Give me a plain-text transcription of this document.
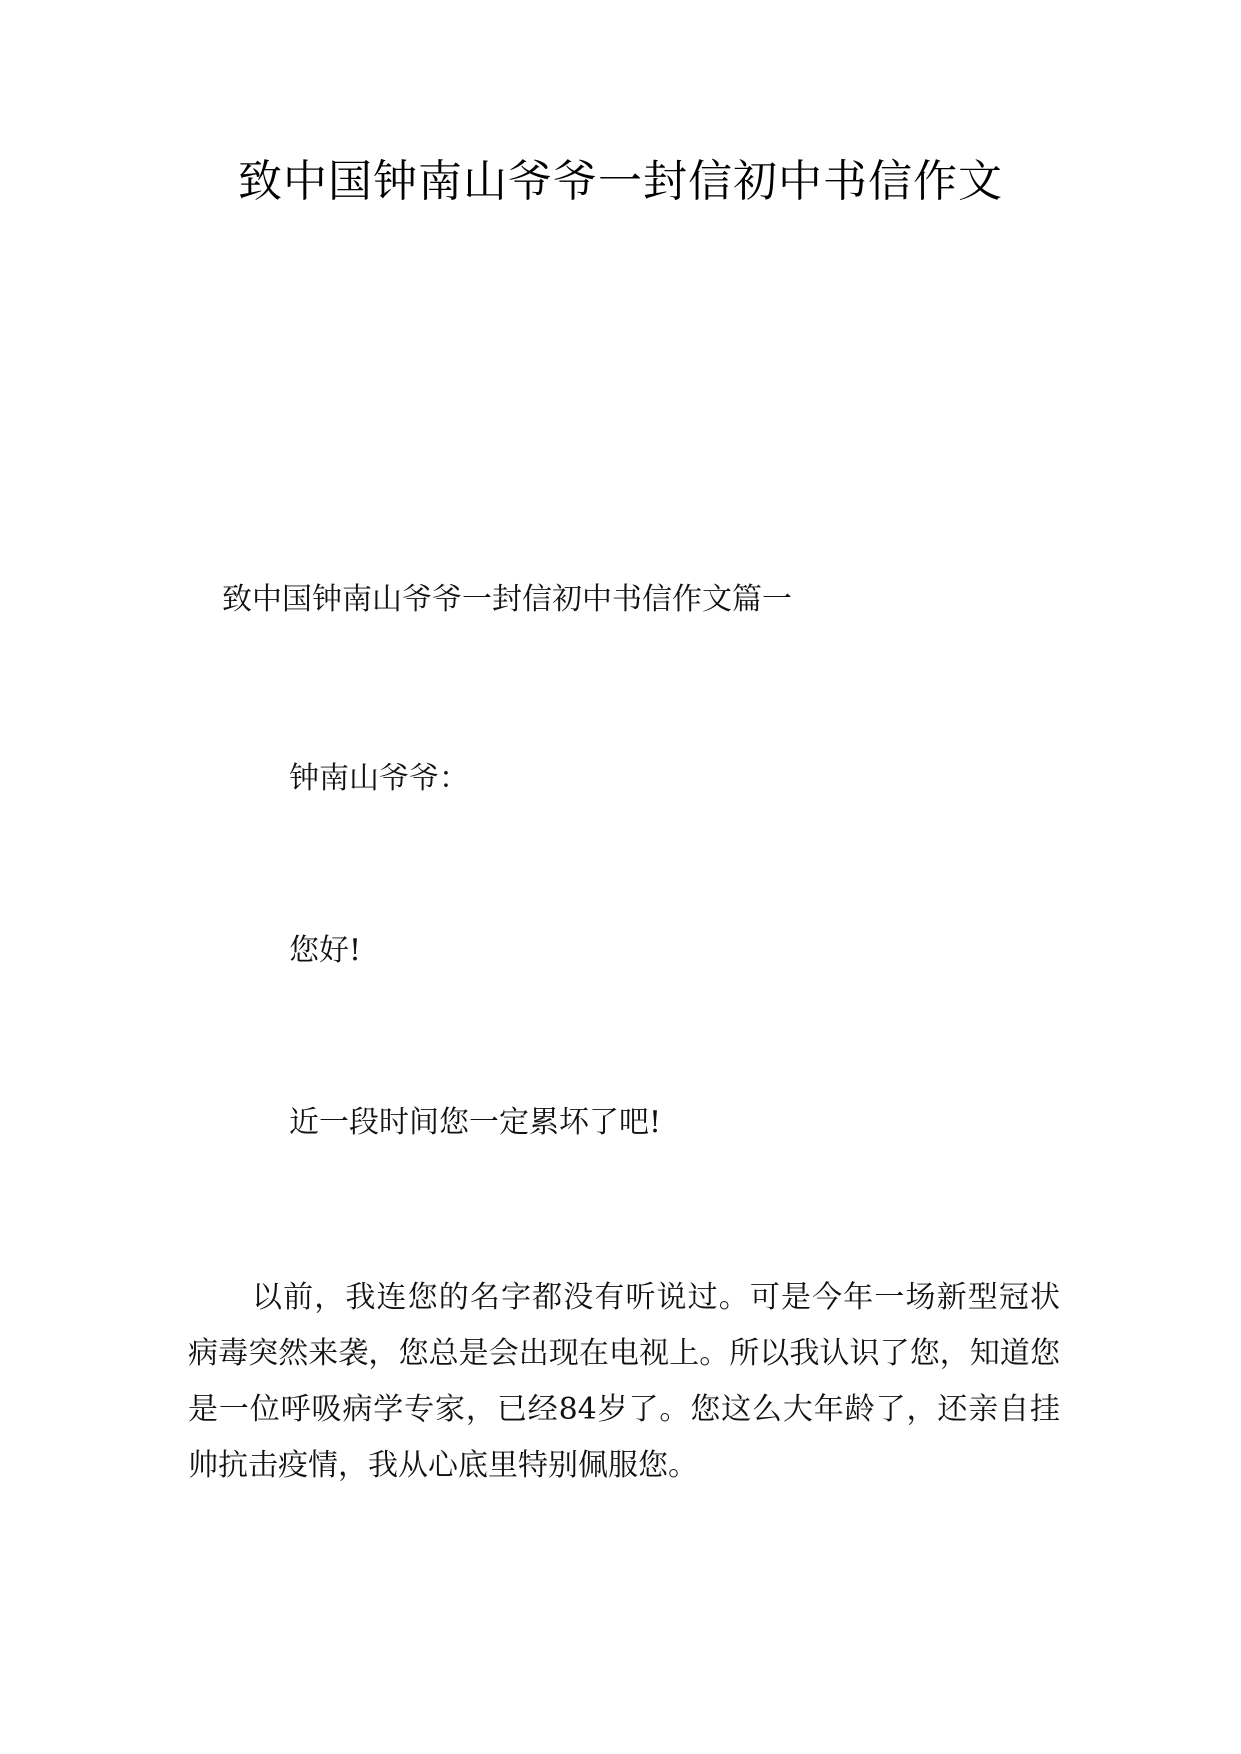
致中国钟南山爷爷一封信初中书信作文
致中国钟南山爷爷一封信初中书信作文篇一

钟南山爷爷：

您好!

近一段时间您一定累坏了吧!

以前，我连您的名字都没有听说过。可是今年一场新型冠状病毒突然来袭，您总是会出现在电视上。所以我认识了您，知道您是一位呼吸病学专家，已经84岁了。您这么大年龄了，还亲自挂帅抗击疫情，我从心底里特别佩服您。
